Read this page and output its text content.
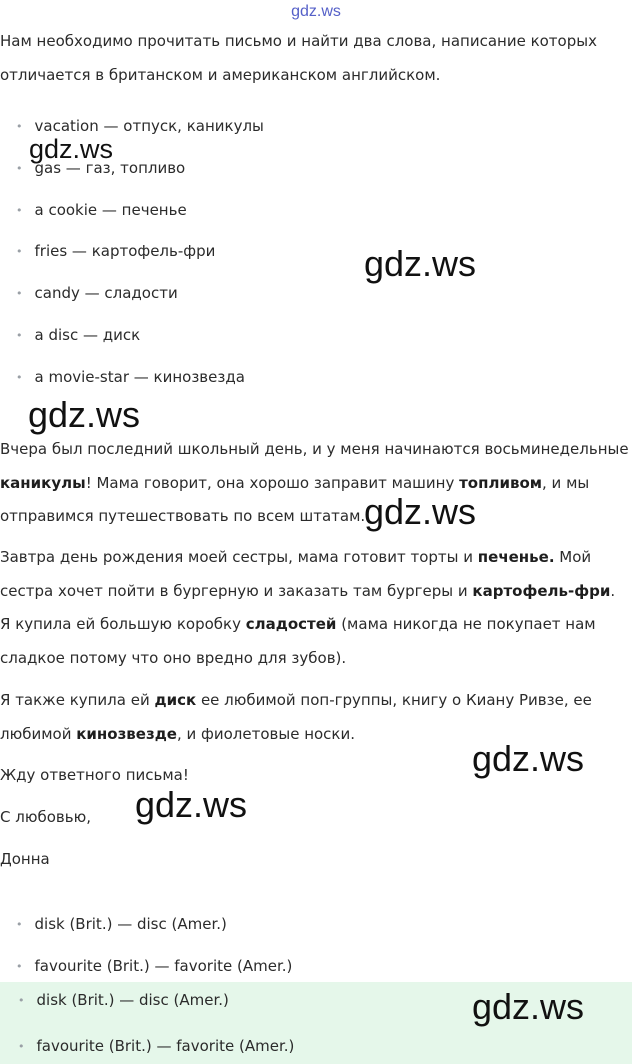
gdz.ws

Нам необходимо прочитать письмо и найти два слова, написание которых
отличается в британском и американском английском.

• vacation — отпуск, каникулы
• gas — газ, топливо
• a cookie — печенье
• fries — картофель-фри
• candy — сладости
• a disc — диск
• a movie-star — кинозвезда

Вчера был последний школьный день, и у меня начинаются восьминедельные каникулы! Мама говорит, она хорошо заправит машину топливом, и мы отправимся путешествовать по всем штатам.

Завтра день рождения моей сестры, мама готовит торты и печенье. Мой сестра хочет пойти в бургерную и заказать там бургеры и картофель-фри. Я купила ей большую коробку сладостей (мама никогда не покупает нам сладкое потому что оно вредно для зубов).

Я также купила ей диск ее любимой поп-группы, книгу о Киану Ривзе, ее любимой кинозвезде, и фиолетовые носки.

Жду ответного письма!

С любовью,

Донна

• disk (Brit.) — disc (Amer.)
• favourite (Brit.) — favorite (Amer.)
• disk (Brit.) — disc (Amer.)
• favourite (Brit.) — favorite (Amer.)
gdz.ws
gdz.ws
gdz.ws
gdz.ws
gdz.ws
gdz.ws
gdz.ws
